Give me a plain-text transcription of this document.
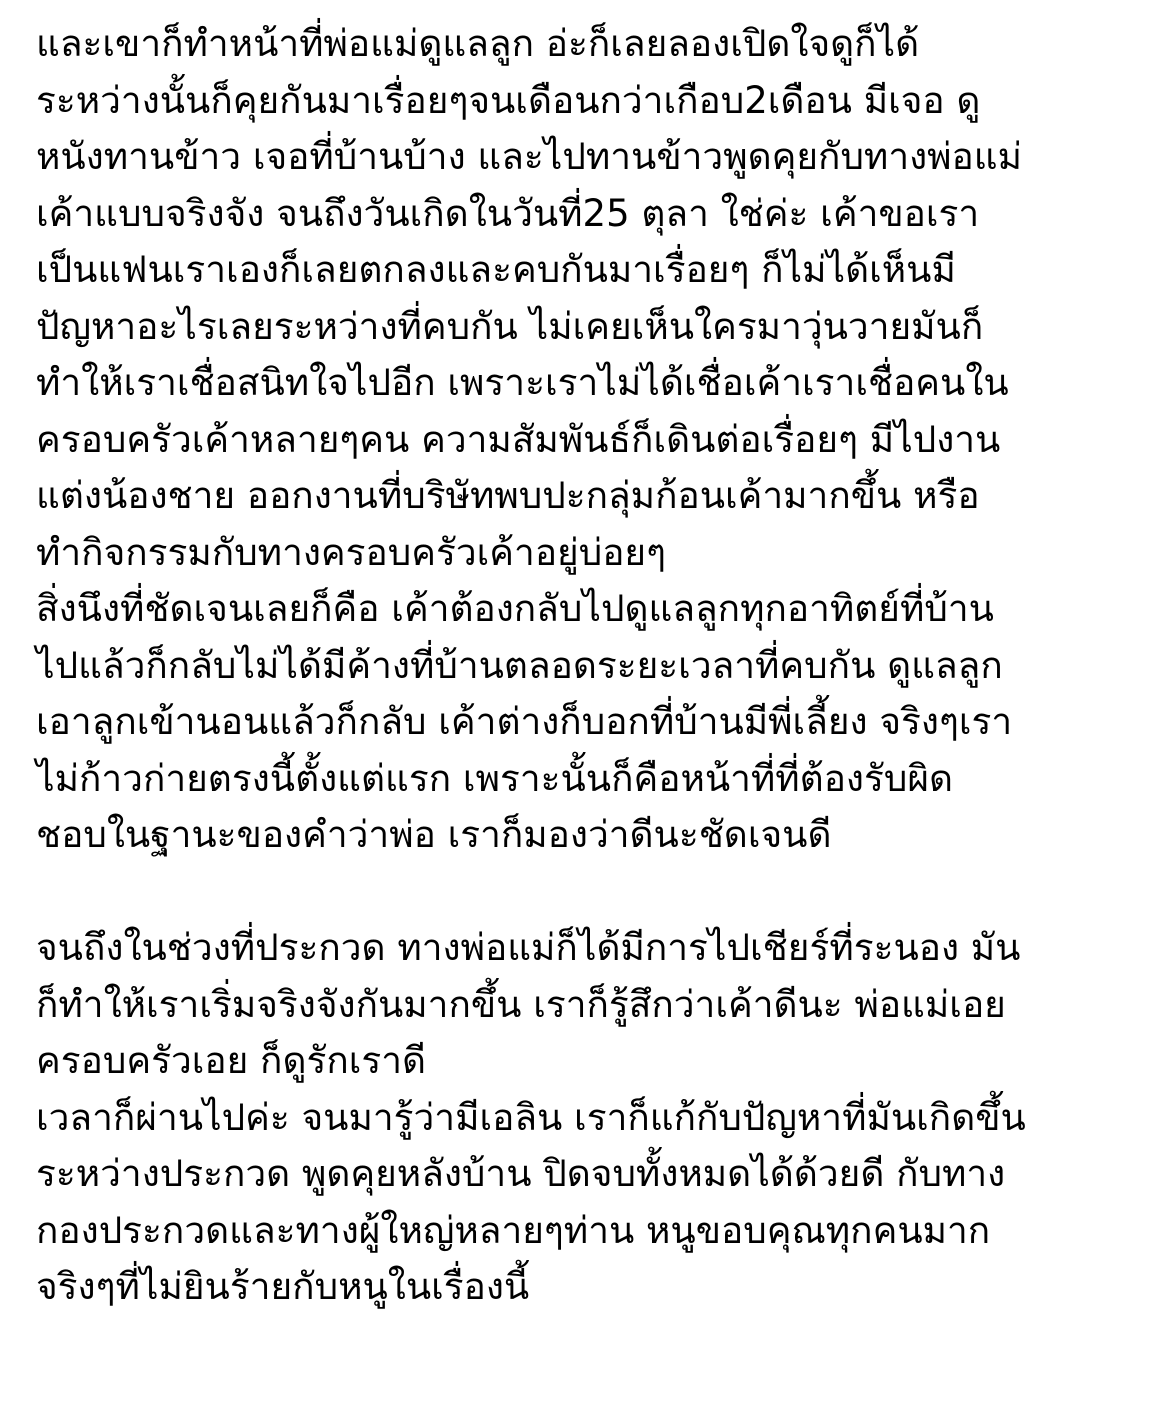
และเขาก็ทำหน้าที่พ่อแม่ดูแลลูก อ่ะก็เลยลองเปิดใจดูก็ได้
ระหว่างนั้นก็คุยกันมาเรื่อยๆจนเดือนกว่าเกือบ2เดือน มีเจอ ดู
หนังทานข้าว เจอที่บ้านบ้าง และไปทานข้าวพูดคุยกับทางพ่อแม่
เค้าแบบจริงจัง จนถึงวันเกิดในวันที่25 ตุลา ใช่ค่ะ เค้าขอเรา
เป็นแฟนเราเองก็เลยตกลงและคบกันมาเรื่อยๆ ก็ไม่ได้เห็นมี
ปัญหาอะไรเลยระหว่างที่คบกัน ไม่เคยเห็นใครมาวุ่นวายมันก็
ทำให้เราเชื่อสนิทใจไปอีก เพราะเราไม่ได้เชื่อเค้าเราเชื่อคนใน
ครอบครัวเค้าหลายๆคน ความสัมพันธ์ก็เดินต่อเรื่อยๆ มีไปงาน
แต่งน้องชาย ออกงานที่บริษัทพบปะกลุ่มก้อนเค้ามากขึ้น หรือ
ทำกิจกรรมกับทางครอบครัวเค้าอยู่บ่อยๆ
สิ่งนึงที่ชัดเจนเลยก็คือ เค้าต้องกลับไปดูแลลูกทุกอาทิตย์ที่บ้าน
ไปแล้วก็กลับไม่ได้มีค้างที่บ้านตลอดระยะเวลาที่คบกัน ดูแลลูก
เอาลูกเข้านอนแล้วก็กลับ เค้าต่างก็บอกที่บ้านมีพี่เลี้ยง จริงๆเรา
ไม่ก้าวก่ายตรงนี้ตั้งแต่แรก เพราะนั้นก็คือหน้าที่ที่ต้องรับผิด
ชอบในฐานะของคำว่าพ่อ เราก็มองว่าดีนะชัดเจนดี
จนถึงในช่วงที่ประกวด ทางพ่อแม่ก็ได้มีการไปเชียร์ที่ระนอง มัน
ก็ทำให้เราเริ่มจริงจังกันมากขึ้น เราก็รู้สึกว่าเค้าดีนะ พ่อแม่เอย
ครอบครัวเอย ก็ดูรักเราดี
เวลาก็ผ่านไปค่ะ จนมารู้ว่ามีเอลิน เราก็แก้กับปัญหาที่มันเกิดขึ้น
ระหว่างประกวด พูดคุยหลังบ้าน ปิดจบทั้งหมดได้ด้วยดี กับทาง
กองประกวดและทางผู้ใหญ่หลายๆท่าน หนูขอบคุณทุกคนมาก
จริงๆที่ไม่ยินร้ายกับหนูในเรื่องนี้
